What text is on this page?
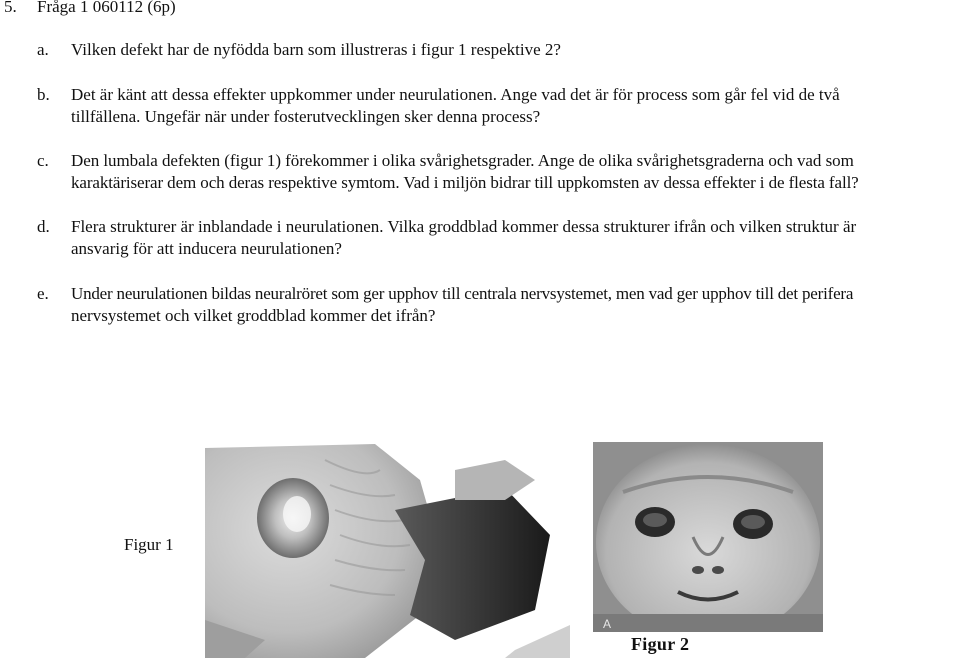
5. Fråga 1 060112 (6p)
a. Vilken defekt har de nyfödda barn som illustreras i figur 1 respektive 2?
b. Det är känt att dessa effekter uppkommer under neurulationen. Ange vad det är för process som går fel vid de två
tillfällena. Ungefär när under fosterutvecklingen sker denna process?
c. Den lumbala defekten (figur 1) förekommer i olika svårighetsgrader. Ange de olika svårighetsgraderna och vad som
karaktäriserar dem och deras respektive symtom. Vad i miljön bidrar till uppkomsten av dessa effekter i de flesta fall?
d. Flera strukturer är inblandade i neurulationen. Vilka groddblad kommer dessa strukturer ifrån och vilken struktur är
ansvarig för att inducera neurulationen?
e. Under neurulationen bildas neuralröret som ger upphov till centrala nervsystemet, men vad ger upphov till det perifera
nervsystemet och vilket groddblad kommer det ifrån?
Figur 1
A
Figur 2
